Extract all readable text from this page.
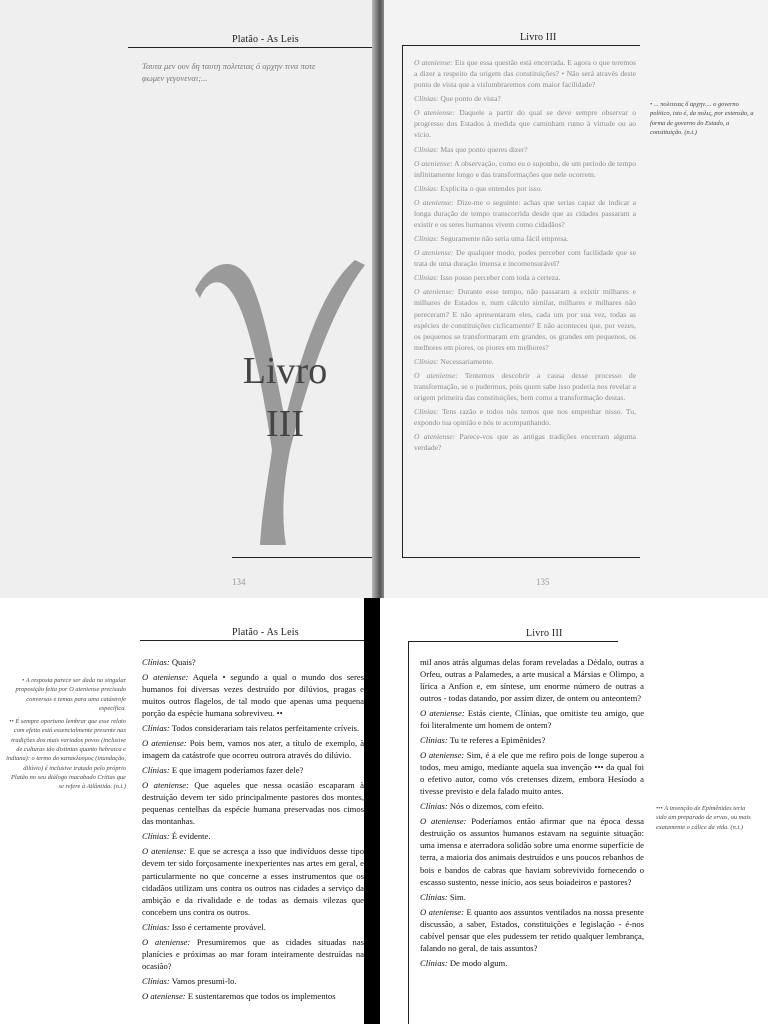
Platão - As Leis
Ταυτα μεν ουν δη ταυτη πολιτειας ό αρχην τινα ποτε φωμεν γεγονεναι;...
Livro
III
134
Livro III

O ateniense: Eis que essa questão está encerrada. E agora o que teremos a dizer a respeito da origem das constituições? • Não será através deste ponto de vista que a vislumbraremos com maior facilidade?

Clínias: Que ponto de vista?

O ateniense: Daquele a partir do qual se deve sempre observar o progresso dos Estados à medida que caminham rumo à virtude ou ao vício.

Clínias: Mas que ponto queres dizer?

O ateniense: A observação, como eu o suponho, de um período de tempo infinitamente longo e das transformações que nele ocorrem.

Clínias: Explicita o que entendes por isso.

O ateniense: Dize-me o seguinte: achas que serias capaz de indicar a longa duração de tempo transcorrida desde que as cidades passaram a existir e os seres humanos vivem como cidadãos?

Clínias: Seguramente não seria uma fácil empresa.

O ateniense: De qualquer modo, podes perceber com facilidade que se trata de uma duração imensa e incomensurável?

Clínias: Isso posso perceber com toda a certeza.

O ateniense: Durante esse tempo, não passaram a existir milhares e milhares de Estados e, num cálculo similar, milhares e milhares não pereceram? E não apresentaram eles, cada um por sua vez, todas as espécies de constituições ciclicamente? E não aconteceu que, por vezes, os pequenos se transformaram em grandes, os grandes em pequenos, os melhores em piores, os piores em melhores?

Clínias: Necessariamente.

O ateniense: Tentemos descobrir a causa desse processo de transformação, se o pudermos, pois quem sabe isso poderia nos revelar a origem primeira das constituições, bem como a transformação destas.

Clínias: Tens razão e todos nós temos que nos empenhar nisso. Tu, expondo tua opinião e nós te acompanhando.

O ateniense: Parece-vos que as antigas tradições encerram alguma verdade?

• ... πολιτειας δ αρχην.... o governo político, isto é, da πολις, por extensão, a forma de governo do Estado, a constituição. (n.t.)
135
Platão - As Leis

• A resposta parece ser dada na singular proposição feita por O ateniense precisado conversas e temas para uma catástrofe específica.

•• É sempre oportuno lembrar que esse relato com efeito está essencialmente presente nas tradições dos mais variados povos (inclusive de culturas tão distintas quanto hebraica e indiana): o termo do κατακλυσμος (inundação, dilúvio) é inclusive tratado pelo próprio Platão no seu diálogo inacabado Crítias que se refere à Atlântida. (n.t.)

Clínias: Quais?

O ateniense: Aquela • segundo a qual o mundo dos seres humanos foi diversas vezes destruído por dilúvios, pragas e muitos outros flagelos, de tal modo que apenas uma pequena porção da espécie humana sobreviveu. ••

Clínias: Todos considerariam tais relatos perfeitamente críveis.

O ateniense: Pois bem, vamos nos ater, a título de exemplo, à imagem da catástrofe que ocorreu outrora através do dilúvio.

Clínias: E que imagem poderíamos fazer dele?

O ateniense: Que aqueles que nessa ocasião escaparam à destruição devem ter sido principalmente pastores dos montes, pequenas centelhas da espécie humana preservadas nos cimos das montanhas.

Clínias: É evidente.

O ateniense: E que se acresça a isso que indivíduos desse tipo devem ter sido forçosamente inexperientes nas artes em geral, e particularmente no que concerne a esses instrumentos que os cidadãos utilizam uns contra os outros nas cidades a serviço da ambição e da rivalidade e de todas as demais vilezas que concebem uns contra os outros.

Clínias: Isso é certamente provável.

O ateniense: Presumiremos que as cidades situadas nas planícies e próximas ao mar foram inteiramente destruídas na ocasião?

Clínias: Vamos presumi-lo.

O ateniense: E sustentaremos que todos os implementos

Livro III

mil anos atrás algumas delas foram reveladas a Dédalo, outras a Orfeu, outras a Palamedes, a arte musical a Mársias e Olimpo, a lírica a Anfíon e, em síntese, um enorme número de outras a outros - todas datando, por assim dizer, de ontem ou anteontem?

O ateniense: Estás ciente, Clínias, que omitiste teu amigo, que foi literalmente um homem de ontem?

Clínias: Tu te referes a Epimênides?

O ateniense: Sim, é a ele que me refiro pois de longe superou a todos, meu amigo, mediante aquela sua invenção ••• da qual foi o efetivo autor, como vós cretenses dizem, embora Hesíodo a tivesse previsto e dela falado muito antes.

Clínias: Nós o dizemos, com efeito.

O ateniense: Poderíamos então afirmar que na época dessa destruição os assuntos humanos estavam na seguinte situação: uma imensa e aterradora solidão sobre uma enorme superfície de terra, a maioria dos animais destruídos e uns poucos rebanhos de bois e bandos de cabras que haviam sobrevivido fornecendo o escasso sustento, nesse início, aos seus boiadeiros e pastores?

Clínias: Sim.

O ateniense: E quanto aos assuntos ventilados na nossa presente discussão, a saber, Estados, constituições e legislação - é-nos cabível pensar que eles pudessem ter retido qualquer lembrança, falando no geral, de tais assuntos?

Clínias: De modo algum.

••• A invenção de Epimênides teria sido um preparado de ervas, ou mais exatamente o cálice da vida. (n.t.)
